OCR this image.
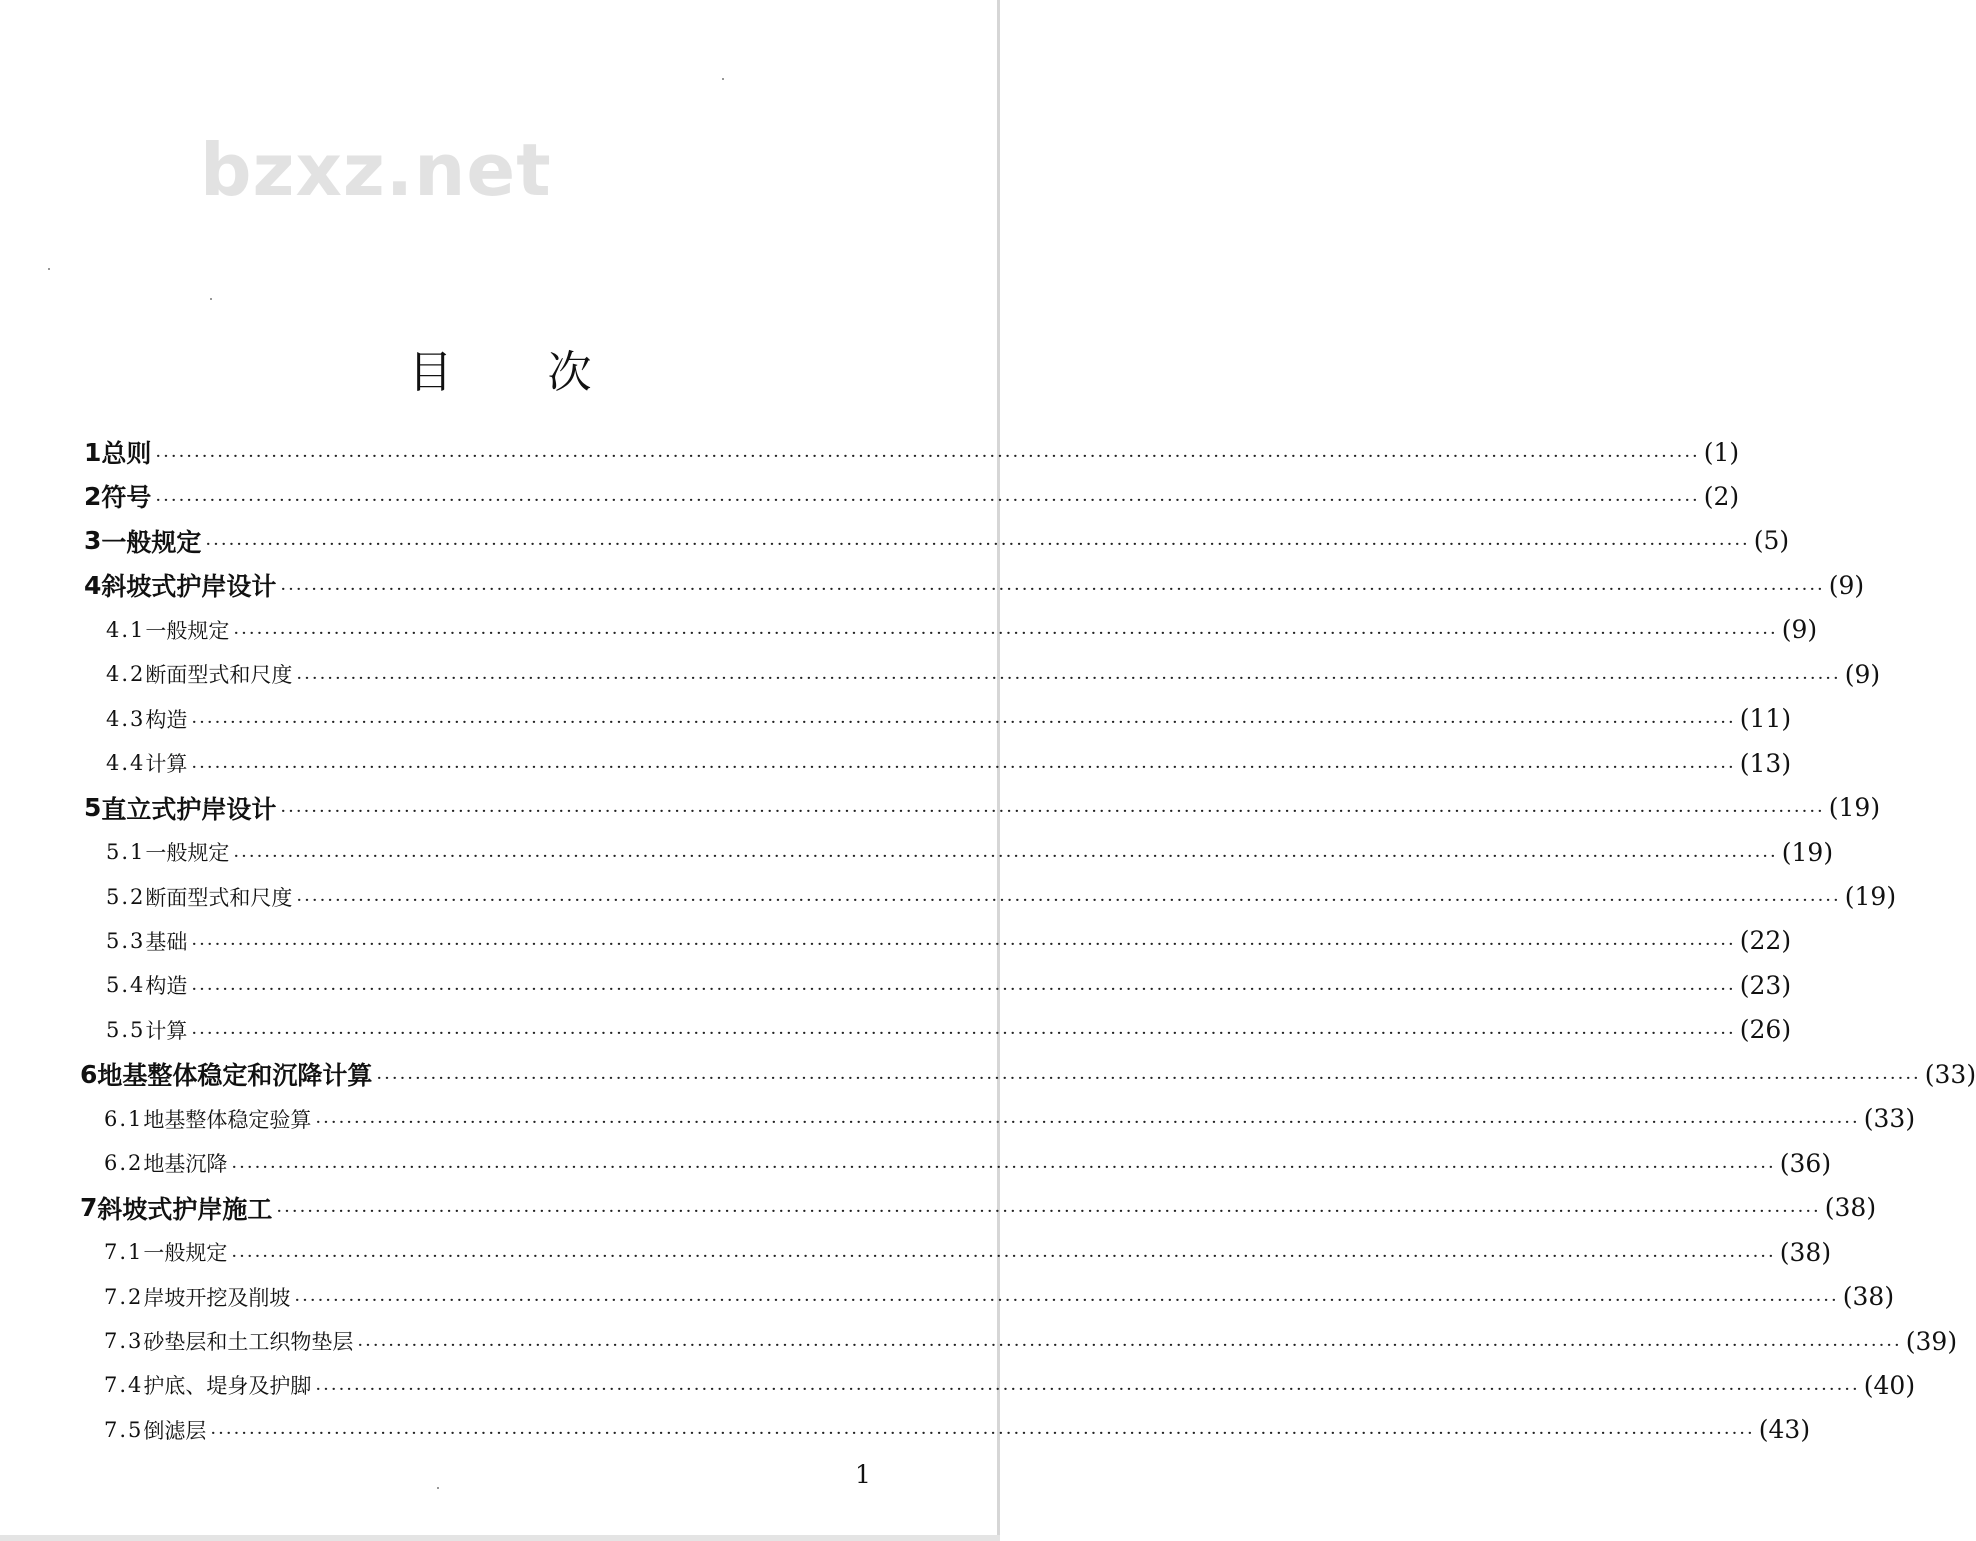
bzxz.net
目 次
1 总则 ········································································································································································································ (1)
2 符号 ········································································································································································································ (2)
3 一般规定 ········································································································································································································ (5)
4 斜坡式护岸设计 ········································································································································································································ (9)
4.1 一般规定 ········································································································································································································ (9)
4.2 断面型式和尺度 ········································································································································································································ (9)
4.3 构造 ········································································································································································································ (11)
4.4 计算 ········································································································································································································ (13)
5 直立式护岸设计 ········································································································································································································ (19)
5.1 一般规定 ········································································································································································································ (19)
5.2 断面型式和尺度 ········································································································································································································ (19)
5.3 基础 ········································································································································································································ (22)
5.4 构造 ········································································································································································································ (23)
5.5 计算 ········································································································································································································ (26)
6 地基整体稳定和沉降计算 ········································································································································································································ (33)
6.1 地基整体稳定验算 ········································································································································································································ (33)
6.2 地基沉降 ········································································································································································································ (36)
7 斜坡式护岸施工 ········································································································································································································ (38)
7.1 一般规定 ········································································································································································································ (38)
7.2 岸坡开挖及削坡 ········································································································································································································ (38)
7.3 砂垫层和土工织物垫层 ········································································································································································································ (39)
7.4 护底、堤身及护脚 ········································································································································································································ (40)
7.5 倒滤层 ········································································································································································································ (43)
1
